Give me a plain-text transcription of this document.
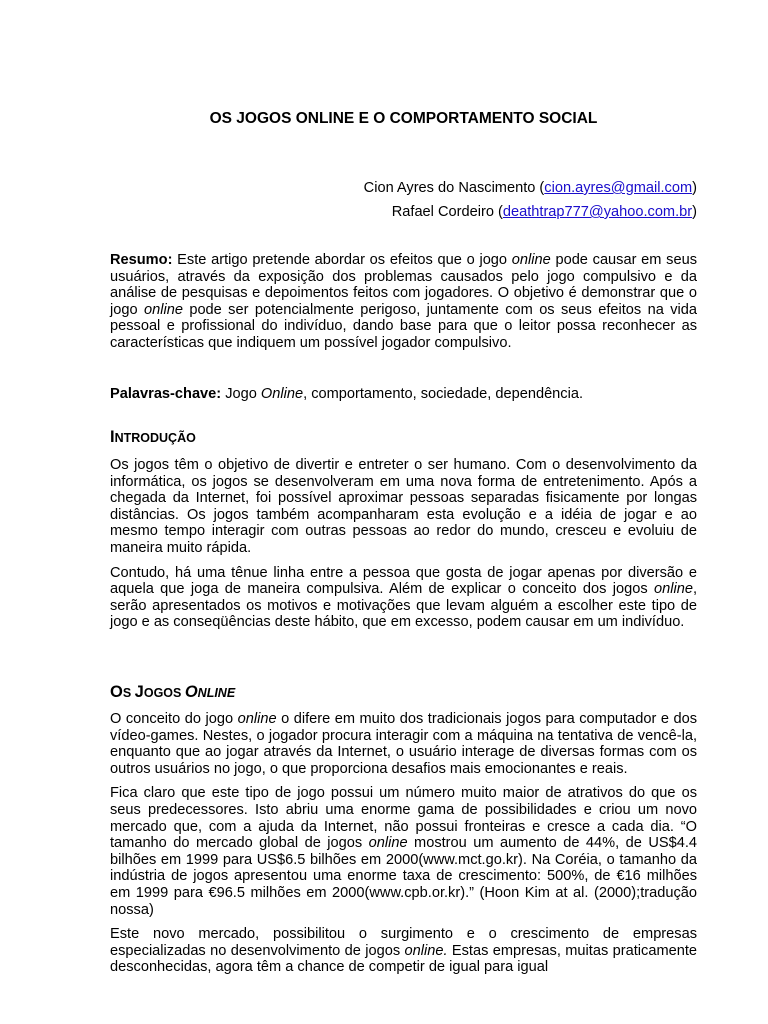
OS JOGOS ONLINE E O COMPORTAMENTO SOCIAL
Cion Ayres do Nascimento (cion.ayres@gmail.com)
Rafael Cordeiro (deathtrap777@yahoo.com.br)

Resumo: Este artigo pretende abordar os efeitos que o jogo online pode causar em seus usuários, através da exposição dos problemas causados pelo jogo compulsivo e da análise de pesquisas e depoimentos feitos com jogadores. O objetivo é demonstrar que o jogo online pode ser potencialmente perigoso, juntamente com os seus efeitos na vida pessoal e profissional do indivíduo, dando base para que o leitor possa reconhecer as características que indiquem um possível jogador compulsivo.

Palavras-chave: Jogo Online, comportamento, sociedade, dependência.

INTRODUÇÃO

Os jogos têm o objetivo de divertir e entreter o ser humano. Com o desenvolvimento da informática, os jogos se desenvolveram em uma nova forma de entretenimento. Após a chegada da Internet, foi possível aproximar pessoas separadas fisicamente por longas distâncias. Os jogos também acompanharam esta evolução e a idéia de jogar e ao mesmo tempo interagir com outras pessoas ao redor do mundo, cresceu e evoluiu de maneira muito rápida.

Contudo, há uma tênue linha entre a pessoa que gosta de jogar apenas por diversão e aquela que joga de maneira compulsiva. Além de explicar o conceito dos jogos online, serão apresentados os motivos e motivações que levam alguém a escolher este tipo de jogo e as conseqüências deste hábito, que em excesso, podem causar em um indivíduo.

OS JOGOS ONLINE

O conceito do jogo online o difere em muito dos tradicionais jogos para computador e dos vídeo-games. Nestes, o jogador procura interagir com a máquina na tentativa de vencê-la, enquanto que ao jogar através da Internet, o usuário interage de diversas formas com os outros usuários no jogo, o que proporciona desafios mais emocionantes e reais.

Fica claro que este tipo de jogo possui um número muito maior de atrativos do que os seus predecessores. Isto abriu uma enorme gama de possibilidades e criou um novo mercado que, com a ajuda da Internet, não possui fronteiras e cresce a cada dia. “O tamanho do mercado global de jogos online mostrou um aumento de 44%, de US$4.4 bilhões em 1999 para US$6.5 bilhões em 2000(www.mct.go.kr). Na Coréia, o tamanho da indústria de jogos apresentou uma enorme taxa de crescimento: 500%, de €16 milhões em 1999 para €96.5 milhões em 2000(www.cpb.or.kr).” (Hoon Kim at al. (2000);tradução nossa)

Este novo mercado, possibilitou o surgimento e o crescimento de empresas especializadas no desenvolvimento de jogos online. Estas empresas, muitas praticamente desconhecidas, agora têm a chance de competir de igual para igual
